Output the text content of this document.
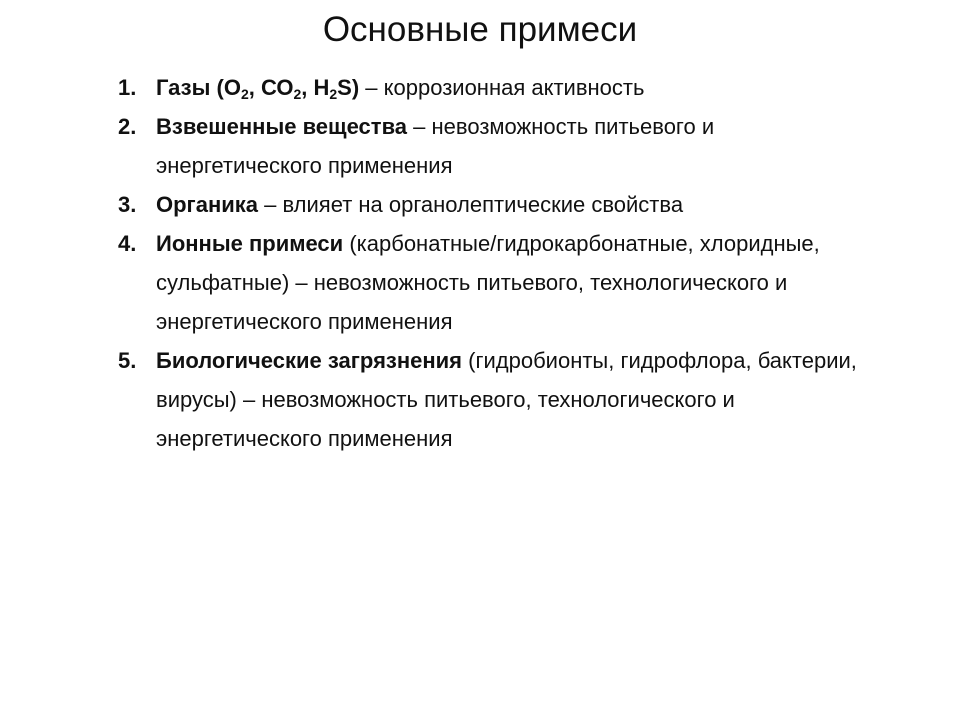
Основные примеси
1. Газы ($О_2$, $СО_2$, $Н_2S$) – коррозионная активность
2. Взвешенные вещества – невозможность питьевого и энергетического применения
3. Органика – влияет на органолептические свойства
4. Ионные примеси (карбонатные/гидрокарбонатные, хлоридные, сульфатные) – невозможность питьевого, технологического и энергетического применения
5. Биологические загрязнения (гидробионты, гидрофлора, бактерии, вирусы) – невозможность питьевого, технологического и энергетического применения
